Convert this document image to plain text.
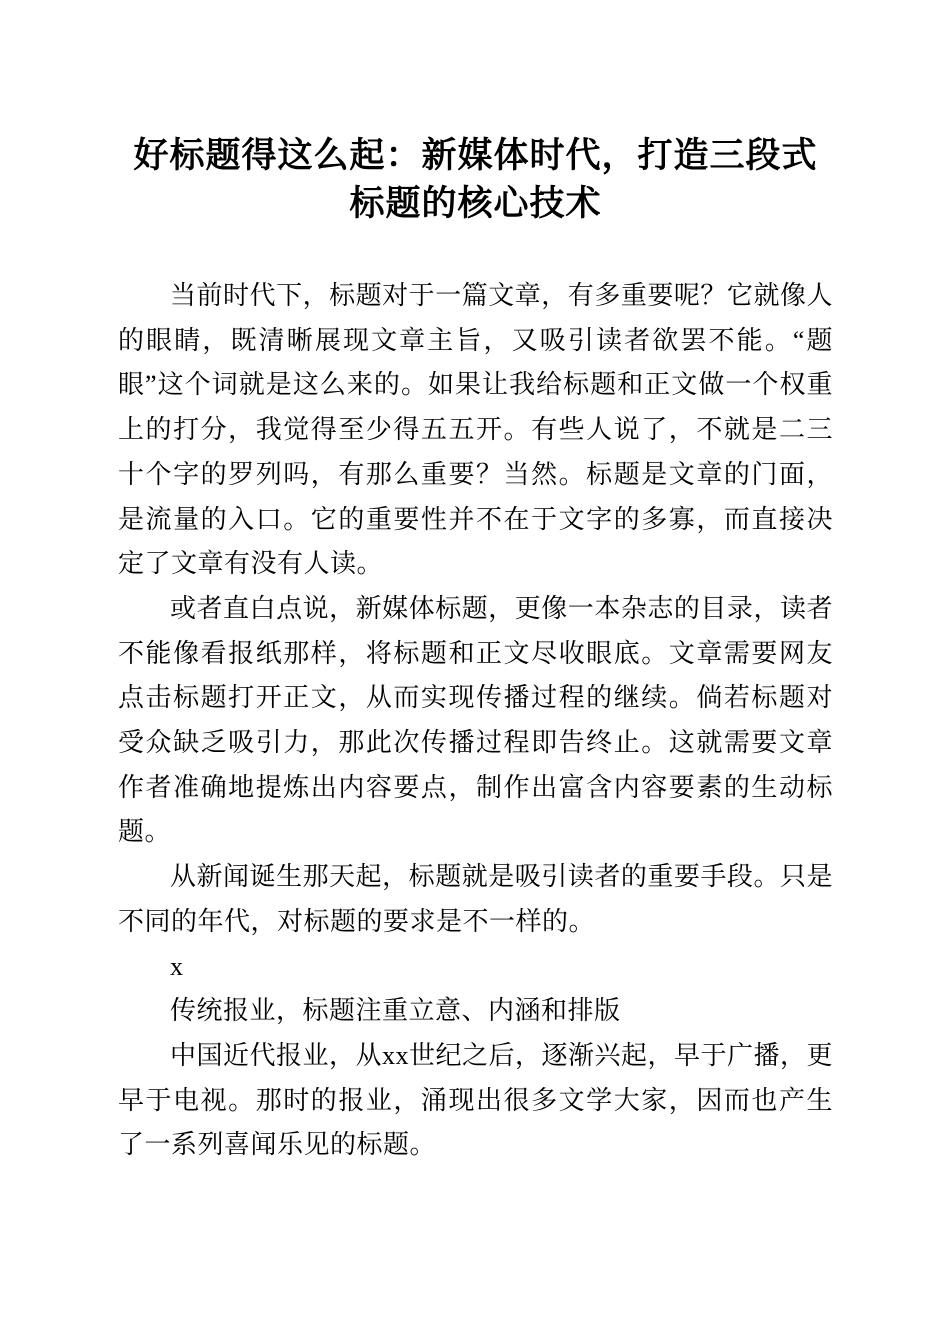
好标题得这么起：新媒体时代，打造三段式标题的核心技术

当前时代下，标题对于一篇文章，有多重要呢？它就像人的眼睛，既清晰展现文章主旨，又吸引读者欲罢不能。“题眼”这个词就是这么来的。如果让我给标题和正文做一个权重上的打分，我觉得至少得五五开。有些人说了，不就是二三十个字的罗列吗，有那么重要？当然。标题是文章的门面，是流量的入口。它的重要性并不在于文字的多寡，而直接决定了文章有没有人读。

或者直白点说，新媒体标题，更像一本杂志的目录，读者不能像看报纸那样，将标题和正文尽收眼底。文章需要网友点击标题打开正文，从而实现传播过程的继续。倘若标题对受众缺乏吸引力，那此次传播过程即告终止。这就需要文章作者准确地提炼出内容要点，制作出富含内容要素的生动标题。

从新闻诞生那天起，标题就是吸引读者的重要手段。只是不同的年代，对标题的要求是不一样的。

x

传统报业，标题注重立意、内涵和排版

中国近代报业，从xx世纪之后，逐渐兴起，早于广播，更早于电视。那时的报业，涌现出很多文学大家，因而也产生了一系列喜闻乐见的标题。
